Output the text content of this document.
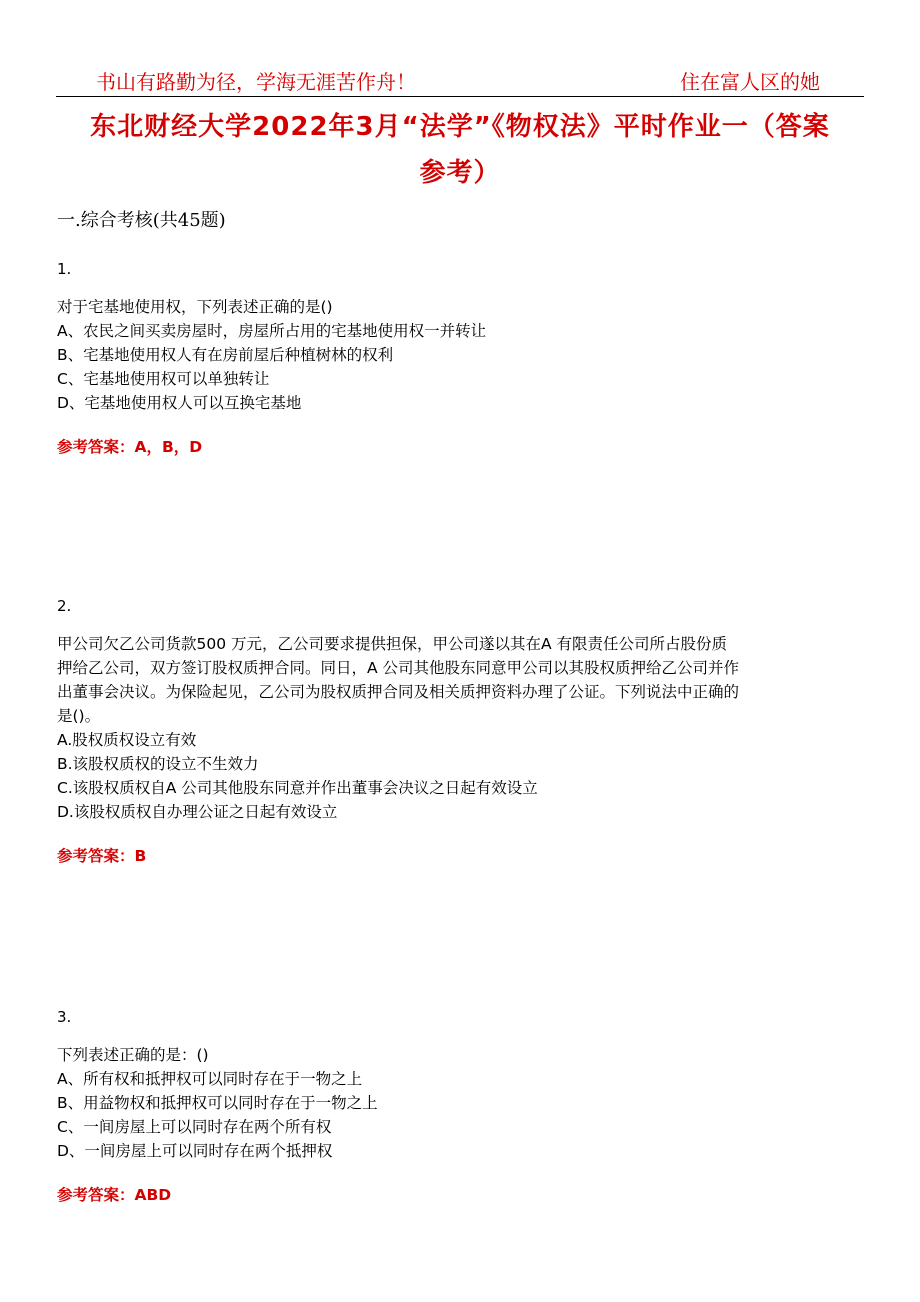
书山有路勤为径，学海无涯苦作舟！	住在富人区的她
东北财经大学2022年3月“法学”《物权法》平时作业一（答案
参考）
一.综合考核(共45题)
1.
对于宅基地使用权，下列表述正确的是()
A、农民之间买卖房屋时，房屋所占用的宅基地使用权一并转让
B、宅基地使用权人有在房前屋后种植树林的权利
C、宅基地使用权可以单独转让
D、宅基地使用权人可以互换宅基地
参考答案：A，B，D
2.
甲公司欠乙公司货款500 万元，乙公司要求提供担保，甲公司遂以其在A 有限责任公司所占股份质
押给乙公司，双方签订股权质押合同。同日，A 公司其他股东同意甲公司以其股权质押给乙公司并作
出董事会决议。为保险起见，乙公司为股权质押合同及相关质押资料办理了公证。下列说法中正确的
是()。
A.股权质权设立有效
B.该股权质权的设立不生效力
C.该股权质权自A 公司其他股东同意并作出董事会决议之日起有效设立
D.该股权质权自办理公证之日起有效设立
参考答案：B
3.
下列表述正确的是：()
A、所有权和抵押权可以同时存在于一物之上
B、用益物权和抵押权可以同时存在于一物之上
C、一间房屋上可以同时存在两个所有权
D、一间房屋上可以同时存在两个抵押权
参考答案：ABD
